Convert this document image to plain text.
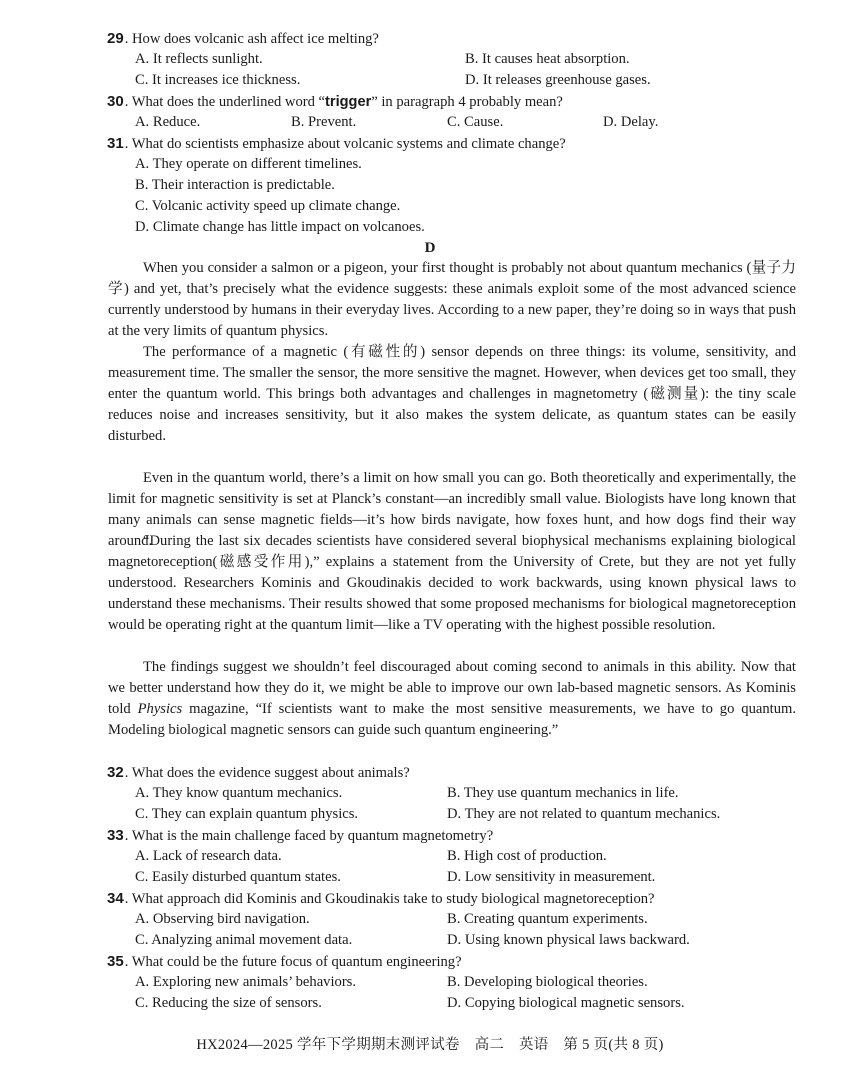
29. How does volcanic ash affect ice melting?
A. It reflects sunlight.	B. It causes heat absorption.
C. It increases ice thickness.	D. It releases greenhouse gases.
30. What does the underlined word “trigger” in paragraph 4 probably mean?
A. Reduce.	B. Prevent.	C. Cause.	D. Delay.
31. What do scientists emphasize about volcanic systems and climate change?
A. They operate on different timelines.
B. Their interaction is predictable.
C. Volcanic activity speed up climate change.
D. Climate change has little impact on volcanoes.
D
When you consider a salmon or a pigeon, your first thought is probably not about quantum mechanics (量子力学) and yet, that’s precisely what the evidence suggests: these animals exploit some of the most advanced science currently understood by humans in their everyday lives. According to a new paper, they’re doing so in ways that push at the very limits of quantum physics.
The performance of a magnetic (有磁性的) sensor depends on three things: its volume, sensitivity, and measurement time. The smaller the sensor, the more sensitive the magnet. However, when devices get too small, they enter the quantum world. This brings both advantages and challenges in magnetometry (磁测量): the tiny scale reduces noise and increases sensitivity, but it also makes the system delicate, as quantum states can be easily disturbed.
Even in the quantum world, there’s a limit on how small you can go. Both theoretically and experimentally, the limit for magnetic sensitivity is set at Planck’s constant—an incredibly small value. Biologists have long known that many animals can sense magnetic fields—it’s how birds navigate, how foxes hunt, and how dogs find their way around.
“During the last six decades scientists have considered several biophysical mechanisms explaining biological magnetoreception(磁感受作用),” explains a statement from the University of Crete, but they are not yet fully understood. Researchers Kominis and Gkoudinakis decided to work backwards, using known physical laws to understand these mechanisms. Their results showed that some proposed mechanisms for biological magnetoreception would be operating right at the quantum limit—like a TV operating with the highest possible resolution.
The findings suggest we shouldn’t feel discouraged about coming second to animals in this ability. Now that we better understand how they do it, we might be able to improve our own lab-based magnetic sensors. As Kominis told Physics magazine, “If scientists want to make the most sensitive measurements, we have to go quantum. Modeling biological magnetic sensors can guide such quantum engineering.”
32. What does the evidence suggest about animals?
A. They know quantum mechanics.	B. They use quantum mechanics in life.
C. They can explain quantum physics.	D. They are not related to quantum mechanics.
33. What is the main challenge faced by quantum magnetometry?
A. Lack of research data.	B. High cost of production.
C. Easily disturbed quantum states.	D. Low sensitivity in measurement.
34. What approach did Kominis and Gkoudinakis take to study biological magnetoreception?
A. Observing bird navigation.	B. Creating quantum experiments.
C. Analyzing animal movement data.	D. Using known physical laws backward.
35. What could be the future focus of quantum engineering?
A. Exploring new animals’ behaviors.	B. Developing biological theories.
C. Reducing the size of sensors.	D. Copying biological magnetic sensors.
HX2024—2025 学年下学期期末测评试卷　高二　英语　第 5 页(共 8 页)
